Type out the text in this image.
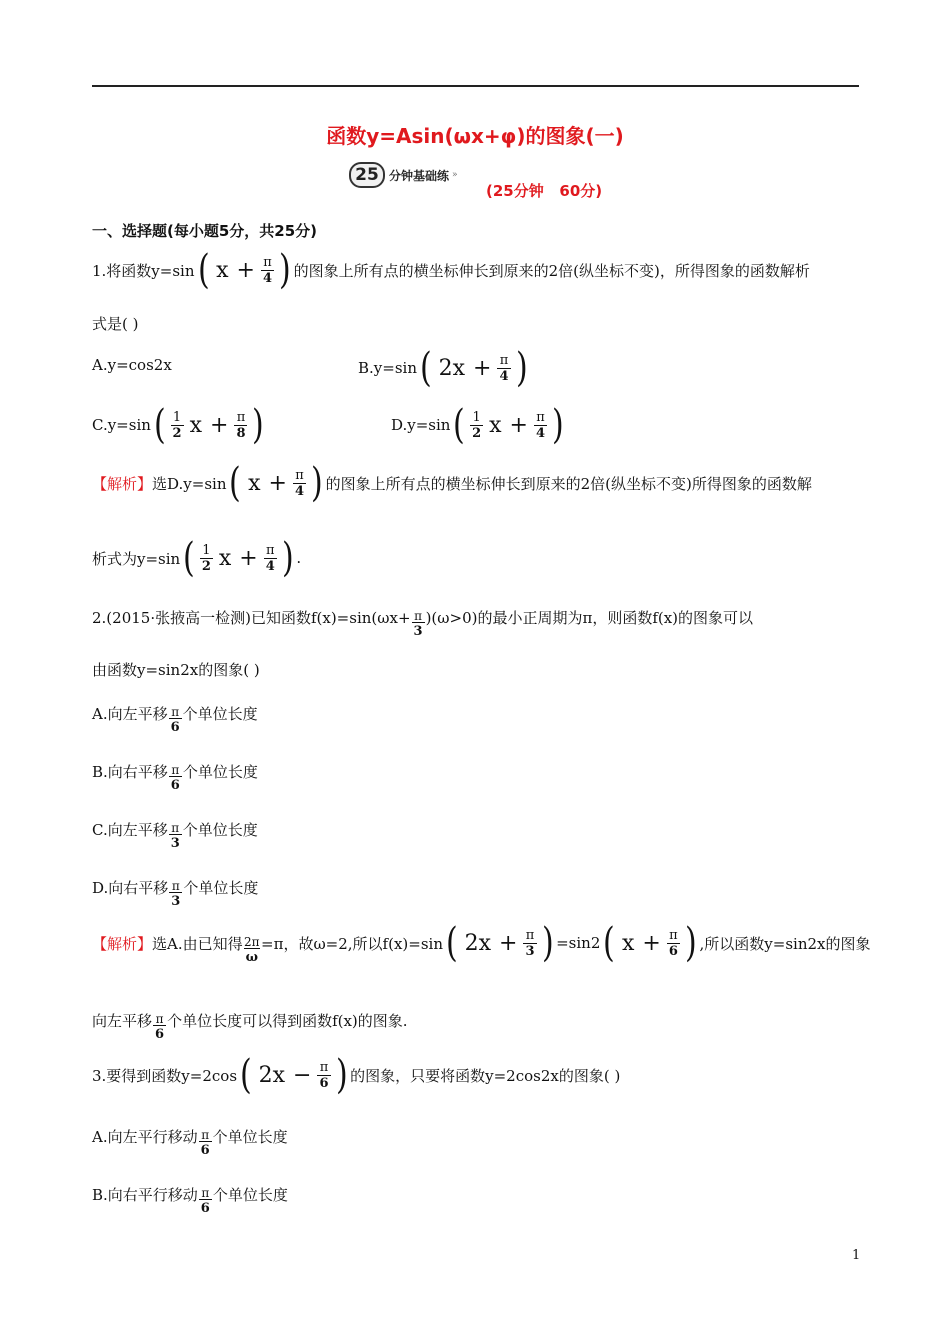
函数y=Asin(ωx+φ)的图象(一)
25 分钟基础练 »
(25分钟   60分)
一、选择题(每小题5分，共25分)
1.将函数y=sin ( $x + \frac{\pi}{4}$ ) 的图象上所有点的横坐标伸长到原来的2倍(纵坐标不变)，所得图象的函数解析
式是( )
A.y=cos2x	B.y=sin ( $2x + \frac{\pi}{4}$ )
C.y=sin ( $\frac{1}{2}$ $x + \frac{\pi}{8}$ )	D.y=sin ( $\frac{1}{2}$ $x + \frac{\pi}{4}$ )
【解析】 选D.y=sin ( $x + \frac{\pi}{4}$ ) 的图象上所有点的横坐标伸长到原来的2倍(纵坐标不变)所得图象的函数解
析式为y=sin ( $\frac{1}{2}$ $x + \frac{\pi}{4}$ ) .
2.(2015·张掖高一检测)已知函数$f(x)=\sin(\omega x+ \frac{\pi}{3} )(\omega>0)$的最小正周期为π，则函数f(x)的图象可以
由函数y=sin2x的图象( )
A.向左平移 $\frac{\pi}{6}$ 个单位长度
B.向右平移 $\frac{\pi}{6}$ 个单位长度
C.向左平移 $\frac{\pi}{3}$ 个单位长度
D.向右平移 $\frac{\pi}{3}$ 个单位长度
【解析】 选A.由已知得 $\frac{2\pi}{\omega} =\pi$，故ω=2,所以f(x)=sin ( $2x + \frac{\pi}{3}$ ) =sin2 ( $x + \frac{\pi}{6}$ ) ,所以函数y=sin2x的图象
向左平移 $\frac{\pi}{6}$ 个单位长度可以得到函数f(x)的图象.
3.要得到函数y=2cos ( $2x - \frac{\pi}{6}$ ) 的图象，只要将函数y=2cos2x的图象( )
A.向左平行移动 $\frac{\pi}{6}$ 个单位长度
B.向右平行移动 $\frac{\pi}{6}$ 个单位长度
1
